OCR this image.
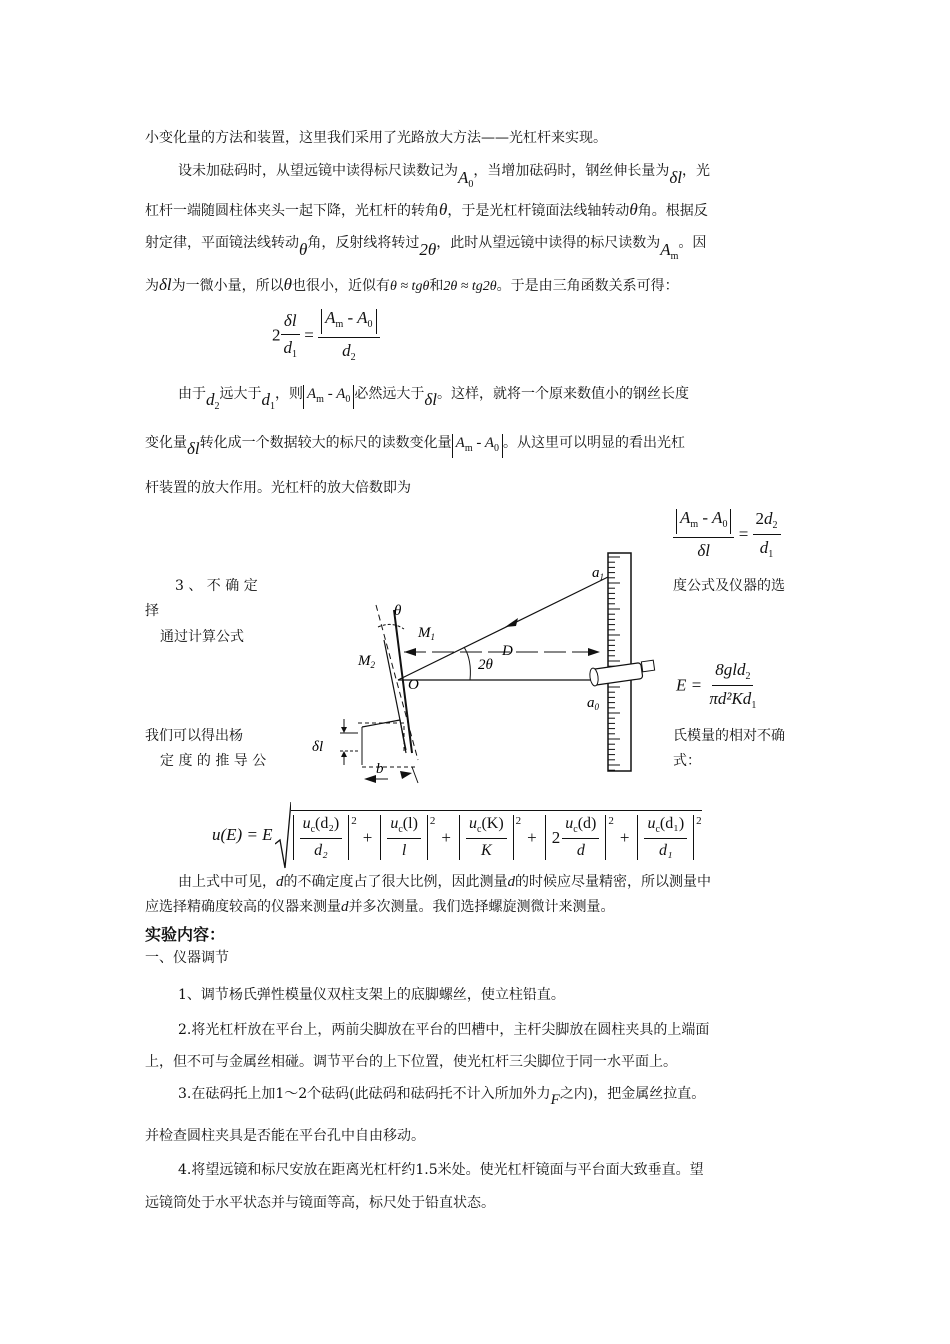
小变化量的方法和装置，这里我们采用了光路放大方法——光杠杆来实现。
设未加砝码时，从望远镜中读得标尺读数记为$A_0$，当增加砝码时，钢丝伸长量为δl，光
杠杆一端随圆柱体夹头一起下降，光杠杆的转角θ，于是光杠杆镜面法线轴转动θ角。根据反
射定律，平面镜法线转动θ角，反射线将转过2θ，此时从望远镜中读得的标尺读数为$A_m$。因
为δl为一微小量，所以θ也很小，近似有θ ≈ tgθ和2θ ≈ tg2θ。于是由三角函数关系可得：
$2 \frac{\delta l}{d_1} = \frac{A_m - A_0}{d_2}$
由于$d_2$远大于$d_1$，则 $A_m - A_0$ 必然远大于δl。这样，就将一个原来数值小的钢丝长度
变化量δl转化成一个数据较大的标尺的读数变化量 $A_m - A_0$ 。从这里可以明显的看出光杠
杆装置的放大作用。光杠杆的放大倍数即为
$\frac{A_m - A_0}{\delta l} = \frac{2d_2}{d_1}$
3 、 不 确 定
择
通过计算公式
我们可以得出杨
定 度 的 推 导 公
度公式及仪器的选
氏模量的相对不确
式：
$E = \frac{8gld_2}{\pi d^2Kd_1}$
$a_1$
$a_0$
θ
$M_1$
$M_2$
D
2θ
O
δl
b
u(E) = E $\frac{u_c(d_2)}{\text{d₂}} 2$
+ $\frac{u_c(l)}{l} 2$
+ $\frac{u_c(K)}{K} 2$
+ $2 \frac{u_c(d)}{d} 2$
+ $\frac{u_c(d_1)}{\text{d₁}} 2$
由上式中可见，d的不确定度占了很大比例，因此测量d的时候应尽量精密，所以测量中
应选择精确度较高的仪器来测量d并多次测量。我们选择螺旋测微计来测量。
实验内容：
一、仪器调节
1、调节杨氏弹性模量仪双柱支架上的底脚螺丝，使立柱铅直。
2.将光杠杆放在平台上，两前尖脚放在平台的凹槽中，主杆尖脚放在圆柱夹具的上端面
上，但不可与金属丝相碰。调节平台的上下位置，使光杠杆三尖脚位于同一水平面上。
3.在砝码托上加1～2个砝码(此砝码和砝码托不计入所加外力F之内)，把金属丝拉直。
并检查圆柱夹具是否能在平台孔中自由移动。
4.将望远镜和标尺安放在距离光杠杆约1.5米处。使光杠杆镜面与平台面大致垂直。望
远镜筒处于水平状态并与镜面等高，标尺处于铅直状态。
